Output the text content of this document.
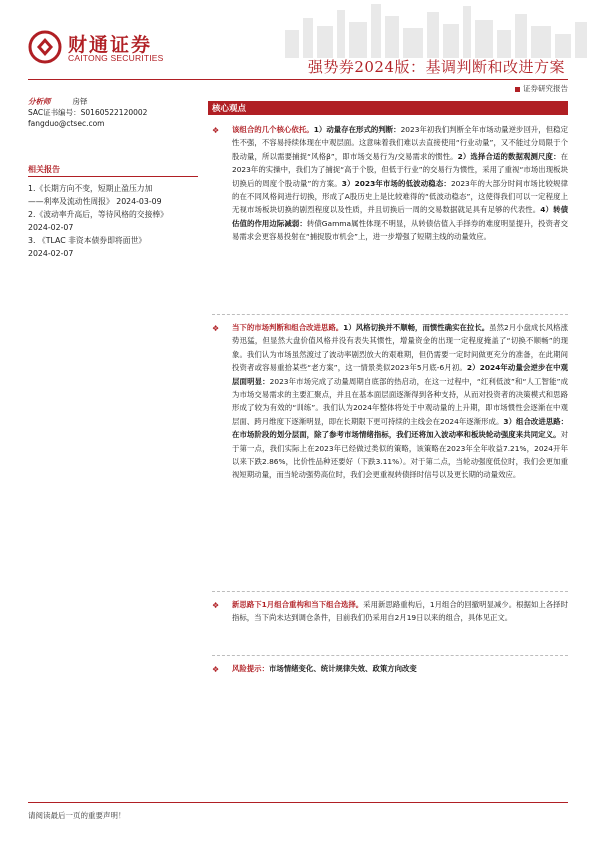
财通证券
CAITONG SECURITIES	强势券2024版：基调判断和改进方案
证券研究报告
分析师	房铎
SAC证书编号：S0160522120002
fangduo@ctsec.com
相关报告
1.《长期方向不变，短期止盈压力加
——利率及流动性周报》 2024-03-09
2.《波动率升高后，等待风格的交接棒》
2024-02-07
3. 《TLAC 非资本债券即将面世》
2024-02-07
核心观点
❖ 该组合的几个核心依托。1）动量存在形式的判断：2023年初我们判断全年市场动量逆步回升，但稳定性不强，不容易持续体现在中观层面。这意味着我们难以去直接使用“行业动量”，又不能过分局限于个股动量，所以需要捕捉“风格β”，即市场交易行为/交易需求的惯性。2）选择合适的数据观测尺度：在2023年的实操中，我们为了捕捉“高于个股，但低于行业”的交易行为惯性，采用了重视“市场出现板块切换后的周度个股动量”的方案。3）2023年市场的低波动稳态：2023年的大部分时间市场比较规律的在不同风格间进行切换，形成了A股历史上是比较难得的“低波动稳态”，这使得我们可以一定程度上无视市场板块切换的剧烈程度以及性质，并且切换后一周的交易数据就足具有足够的代表性。4）转债估值的作用边际减弱：转债Gamma属性体现不明显，从转债估值入手择券的难度明显提升，投资者交易需求会更容易投射在“捕捉股市机会”上，进一步增强了短期主线的动量效应。
❖ 当下的市场判断和组合改进思路。1）风格切换并不顺畅，而惯性确实在拉长。虽然2月小盘成长风格涨势迅猛，但显然大盘价值风格并没有表失其惯性，增量资金的出现一定程度掩盖了“切换不顺畅”的现象。我们认为市场虽然渡过了波动率剧烈放大的艰难期，但仍需要一定时间做更充分的准备，在此期间投资者或容易重拾某些“老方案”，这一情景类似2023年5月底-6月初。2）2024年动量会逆步在中观层面明显：2023年市场完成了动量周期自底部的热启动，在这一过程中，“红利低波”和“人工智能”成为市场交易需求的主要汇聚点，并且在基本面层面逐渐得到各种支持，从而对投资者的决策模式和思路形成了较为有效的“训练”。我们认为2024年整体将处于中观动量的上升期，即市场惯性会逐渐在中观层面、跨月维度下逐渐明显，即在长期限下更可持续的主线会在2024年逐渐形成。3）组合改进思路：在市场阶段的划分层面，除了参考市场情绪指标，我们还将加入波动率和板块轮动强度来共同定义。对于第一点，我们实际上在2023年已经做过类似的策略，该策略在2023年全年收益7.21%，2024开年以来下跌2.86%，比价性品种还要好（下跌3.11%）。对于第二点，当轮动强度低位时，我们会更加重视短期动量，而当轮动强势高位时，我们会更重视转债择时信号以及更长期的动量效应。
❖ 新思路下1月组合重构和当下组合选择。采用新思路重构后，1月组合的回撤明显减少。根据如上各择时指标，当下尚未达到调仓条件，目前我们仍采用自2月19日以来的组合，具体见正文。
❖ 风险提示：市场情绪变化、统计规律失效、政策方向改变
请阅读最后一页的重要声明！
